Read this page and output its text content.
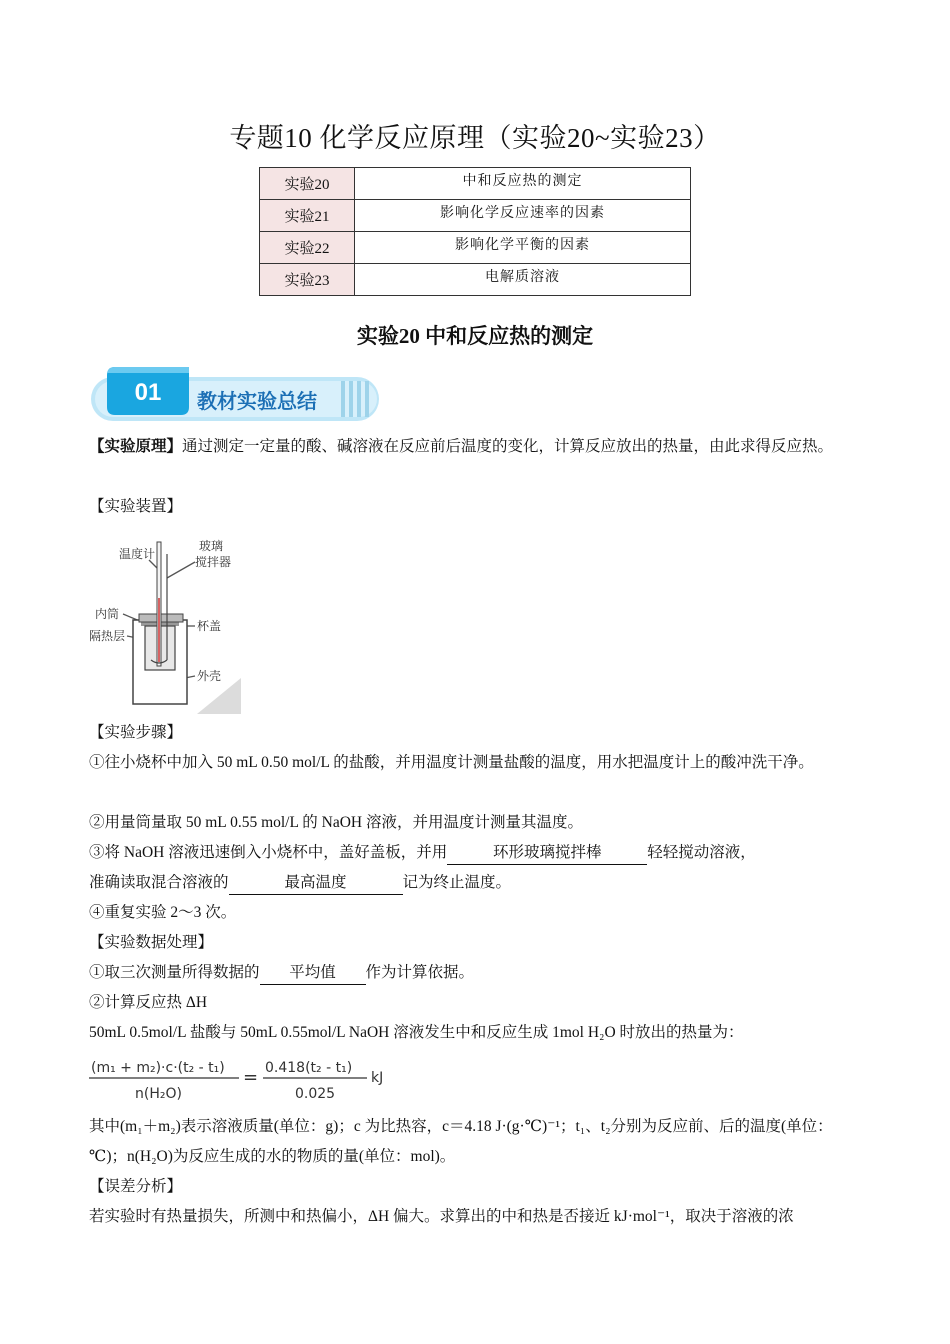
专题10 化学反应原理（实验20~实验23）
实验20	中和反应热的测定
实验21	影响化学反应速率的因素
实验22	影响化学平衡的因素
实验23	电解质溶液
实验20 中和反应热的测定
01 教材实验总结
【实验原理】通过测定一定量的酸、碱溶液在反应前后温度的变化，计算反应放出的热量，由此求得反应热。
【实验装置】
温度计
玻璃
搅拌器
内筒
隔热层
杯盖
外壳
【实验步骤】
①往小烧杯中加入 50 mL 0.50 mol/L 的盐酸，并用温度计测量盐酸的温度，用水把温度计上的酸冲洗干净。
②用量筒量取 50 mL 0.55 mol/L 的 NaOH 溶液，并用温度计测量其温度。
③将 NaOH 溶液迅速倒入小烧杯中，盖好盖板，并用	环形玻璃搅拌棒	轻轻搅动溶液，
准确读取混合溶液的	最高温度	记为终止温度。
④重复实验 2～3 次。
【实验数据处理】
①取三次测量所得数据的 平均值 作为计算依据。
②计算反应热 ΔH
50mL 0.5mol/L 盐酸与 50mL 0.55mol/L NaOH 溶液发生中和反应生成 1mol H₂O 时放出的热量为：
(m₁ + m₂)·c·(t₂ - t₁)
n(H₂O)
= 0.418(t₂ - t₁)
0.025
kJ
其中(m₁＋m₂)表示溶液质量(单位：g)；c 为比热容，c＝4.18 J·(g·℃)⁻¹；t₁、t₂分别为反应前、后的温度(单位：℃)；n(H₂O)为反应生成的水的物质的量(单位：mol)。
【误差分析】
若实验时有热量损失，所测中和热偏小，ΔH 偏大。求算出的中和热是否接近 kJ·mol⁻¹，取决于溶液的浓
